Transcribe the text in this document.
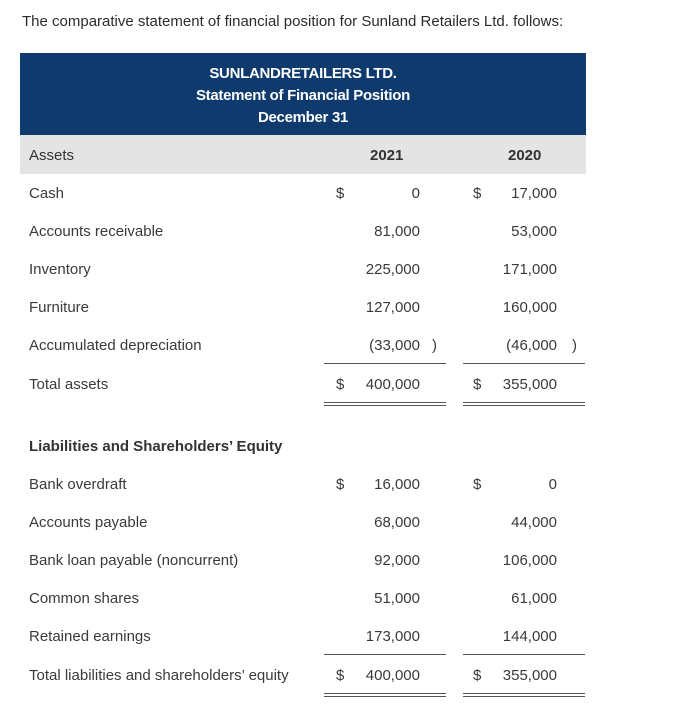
The comparative statement of financial position for Sunland Retailers Ltd. follows:
SUNLANDRETAILERS LTD.
Statement of Financial Position
December 31
Assets	2021	2020
Cash	$	0	$	17,000
Accounts receivable	81,000	53,000
Inventory	225,000	171,000
Furniture	127,000	160,000
Accumulated depreciation	(33,000 )	(46,000 )
Total assets	$	400,000	$	355,000
Liabilities and Shareholders’ Equity
Bank overdraft	$	16,000	$	0
Accounts payable	68,000	44,000
Bank loan payable (noncurrent)	92,000	106,000
Common shares	51,000	61,000
Retained earnings	173,000	144,000
Total liabilities and shareholders’ equity	$	400,000	$	355,000
